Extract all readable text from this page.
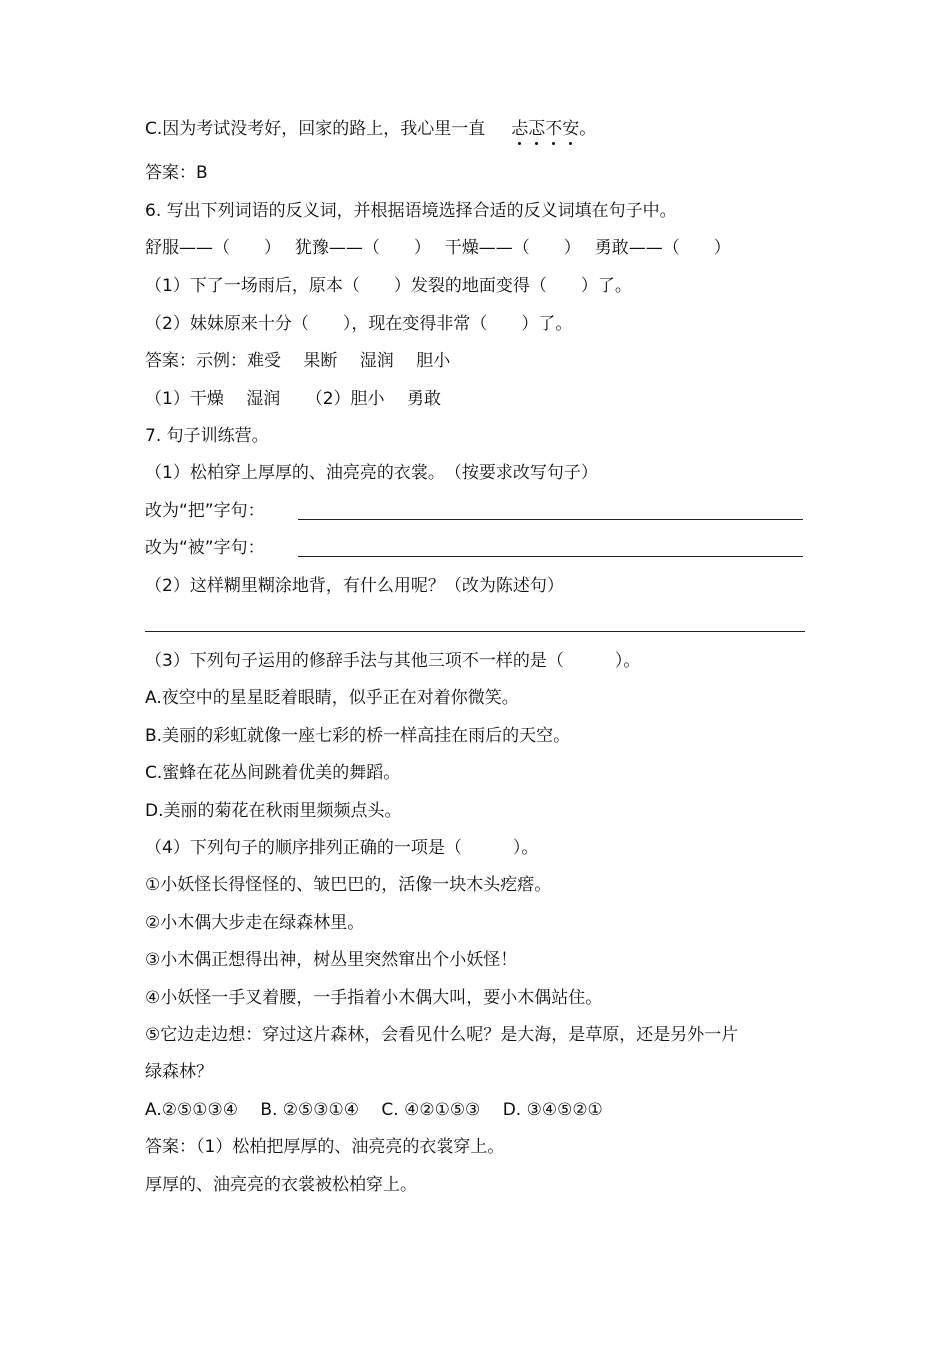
C.因为考试没考好，回家的路上，我心里一直 忐忑不安。
答案：B
6. 写出下列词语的反义词，并根据语境选择合适的反义词填在句子中。
舒服——（　　）　 犹豫——（　　）　 干燥——（　　）　 勇敢——（　　）
（1）下了一场雨后，原本（　　）发裂的地面变得（　　）了。
（2）妹妹原来十分（　　），现在变得非常（　　）了。
答案：示例：难受　 果断　 湿润　 胆小
（1）干燥　 湿润　　（2）胆小　 勇敢
7. 句子训练营。
（1）松柏穿上厚厚的、油亮亮的衣裳。　（按要求改写句子）
改为“把”字句：
改为“被”字句：
（2）这样糊里糊涂地背，有什么用呢？（改为陈述句）
（3）下列句子运用的修辞手法与其他三项不一样的是（　　　）。
A.夜空中的星星眨着眼睛，似乎正在对着你微笑。
B.美丽的彩虹就像一座七彩的桥一样高挂在雨后的天空。
C.蜜蜂在花丛间跳着优美的舞蹈。
D.美丽的菊花在秋雨里频频点头。
（4）下列句子的顺序排列正确的一项是（　　　）。
①小妖怪长得怪怪的、皱巴巴的，活像一块木头疙瘩。
②小木偶大步走在绿森林里。
③小木偶正想得出神，树丛里突然窜出个小妖怪！
④小妖怪一手叉着腰，一手指着小木偶大叫，要小木偶站住。
⑤它边走边想：穿过这片森林，会看见什么呢？是大海，是草原，还是另外一片
绿森林？
A.②⑤①③④　 B. ②⑤③①④　 C. ④②①⑤③　 D. ③④⑤②①
答案：（1）松柏把厚厚的、油亮亮的衣裳穿上。
厚厚的、油亮亮的衣裳被松柏穿上。
